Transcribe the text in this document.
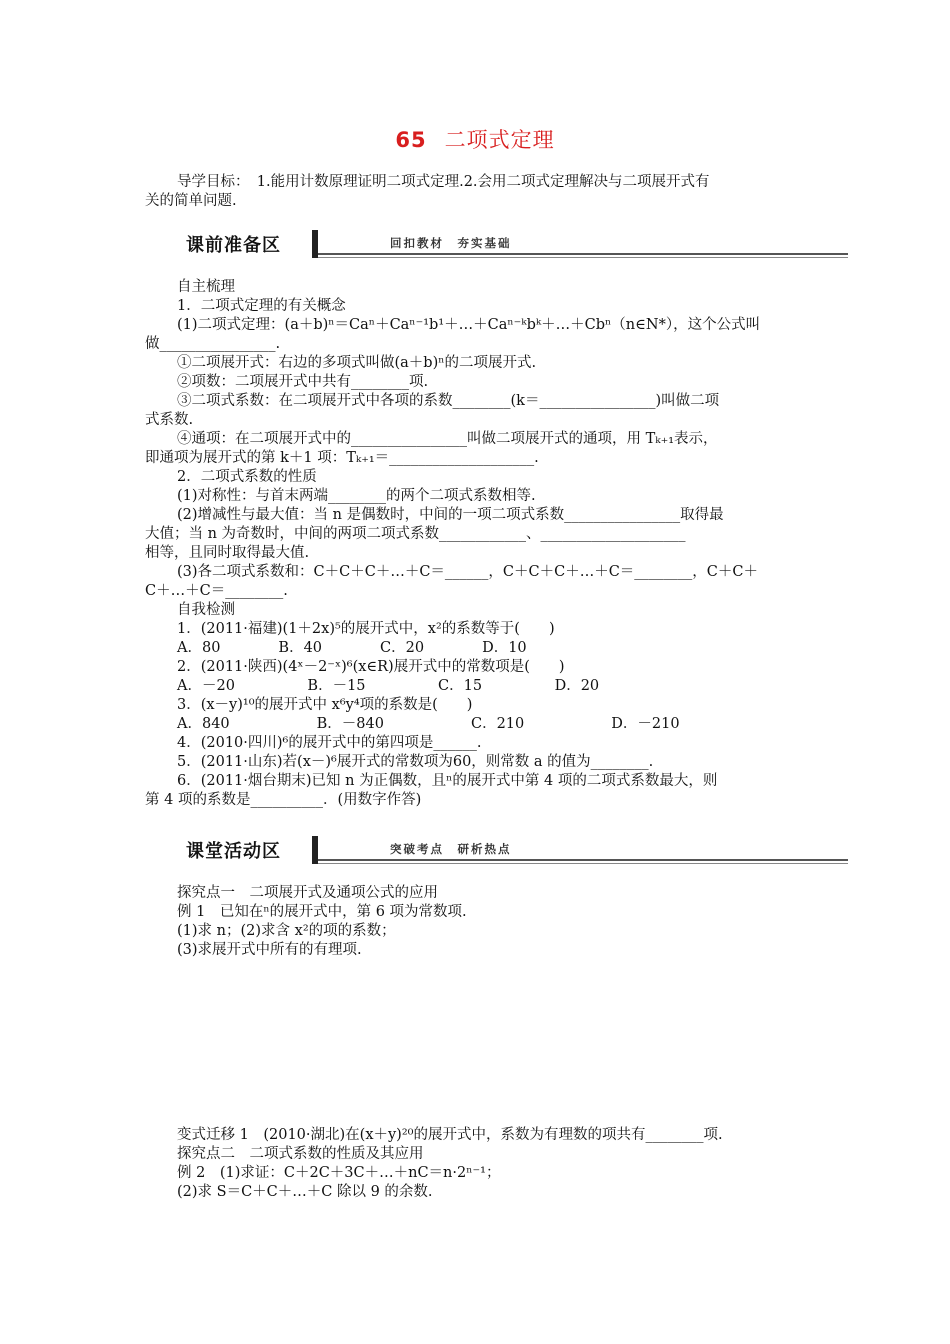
65 二项式定理
导学目标：　1.能用计数原理证明二项式定理.2.会用二项式定理解决与二项展开式有
关的简单问题.
课前准备区	回扣教材　夯实基础
自主梳理
1．二项式定理的有关概念
(1)二项式定理：(a＋b)ⁿ＝Caⁿ＋Caⁿ⁻¹b¹＋…＋Caⁿ⁻ᵏbᵏ＋…＋Cbⁿ（n∈N*），这个公式叫
做________________.
①二项展开式：右边的多项式叫做(a＋b)ⁿ的二项展开式.
②项数：二项展开式中共有________项.
③二项式系数：在二项展开式中各项的系数________(k＝________________)叫做二项
式系数.
④通项：在二项展开式中的________________叫做二项展开式的通项，用 Tₖ₊₁表示，
即通项为展开式的第 k＋1 项：Tₖ₊₁＝____________________.
2．二项式系数的性质
(1)对称性：与首末两端________的两个二项式系数相等.
(2)增减性与最大值：当 n 是偶数时，中间的一项二项式系数________________取得最
大值；当 n 为奇数时，中间的两项二项式系数____________、____________________
相等，且同时取得最大值.
(3)各二项式系数和：C＋C＋C＋…＋C＝______，C＋C＋C＋…＋C＝________，C＋C＋
C＋…＋C＝________.
自我检测
1．(2011·福建)(1＋2x)⁵的展开式中，x²的系数等于(　　)
A．80　　　　B．40　　　　C．20　　　　D．10
2．(2011·陕西)(4ˣ－2⁻ˣ)⁶(x∈R)展开式中的常数项是(　　)
A．－20　　　　　B．－15　　　　　C．15　　　　　D．20
3．(x－y)¹⁰的展开式中 x⁶y⁴项的系数是(　　)
A．840　　　　　　B．－840　　　　　　C．210　　　　　　D．－210
4．(2010·四川)⁶的展开式中的第四项是______.
5．(2011·山东)若(x－)⁶展开式的常数项为60，则常数 a 的值为________.
6．(2011·烟台期末)已知 n 为正偶数，且ⁿ的展开式中第 4 项的二项式系数最大，则
第 4 项的系数是__________．(用数字作答)
课堂活动区	突破考点　研析热点
探究点一　二项展开式及通项公式的应用
例 1　已知在ⁿ的展开式中，第 6 项为常数项.
(1)求 n；(2)求含 x²的项的系数；
(3)求展开式中所有的有理项.
变式迁移 1　(2010·湖北)在(x＋y)²⁰的展开式中，系数为有理数的项共有________项.
探究点二　二项式系数的性质及其应用
例 2　(1)求证：C＋2C＋3C＋…＋nC＝n·2ⁿ⁻¹；
(2)求 S＝C＋C＋…＋C 除以 9 的余数.
